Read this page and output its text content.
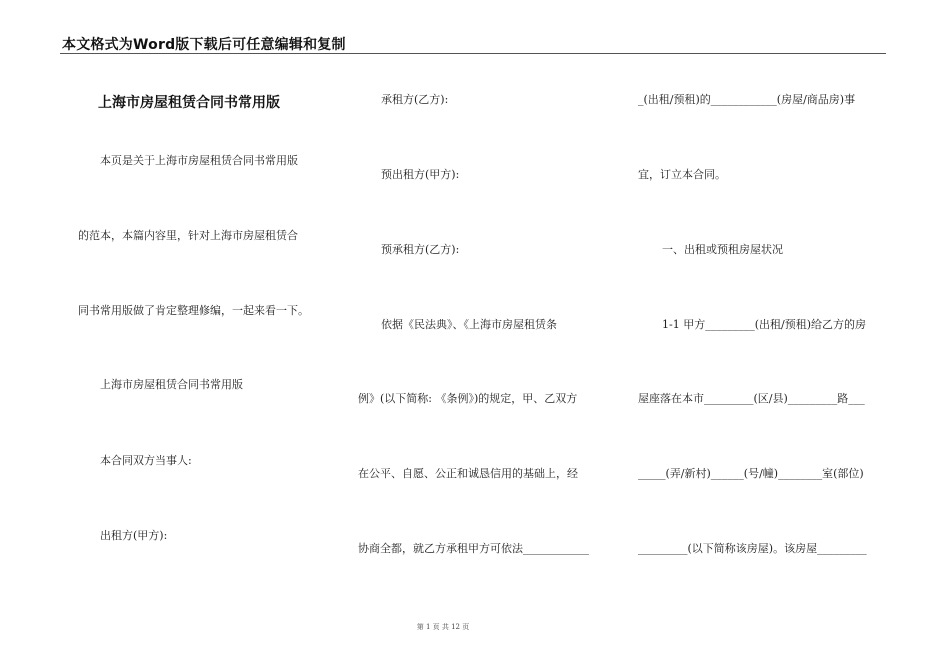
本文格式为Word版下载后可任意编辑和复制
上海市房屋租赁合同书常用版
本页是关于上海市房屋租赁合同书常用版
的范本，本篇内容里，针对上海市房屋租赁合
同书常用版做了肯定整理修编，一起来看一下。
上海市房屋租赁合同书常用版
本合同双方当事人:
出租方(甲方):
承租方(乙方):
预出租方(甲方):
预承租方(乙方):
依据《民法典》、《上海市房屋租赁条
例》(以下简称: 《条例》)的规定，甲、乙双方
在公平、自愿、公正和诚恳信用的基础上，经
协商全都，就乙方承租甲方可依法____________
_(出租/预租)的____________(房屋/商品房)事
宜，订立本合同。
一、出租或预租房屋状况
1-1 甲方_________(出租/预租)给乙方的房
屋座落在本市_________(区/县)_________路___
_____(弄/新村)______(号/幢)________室(部位)
_________(以下简称该房屋)。该房屋_________
第 1 页 共 12 页
